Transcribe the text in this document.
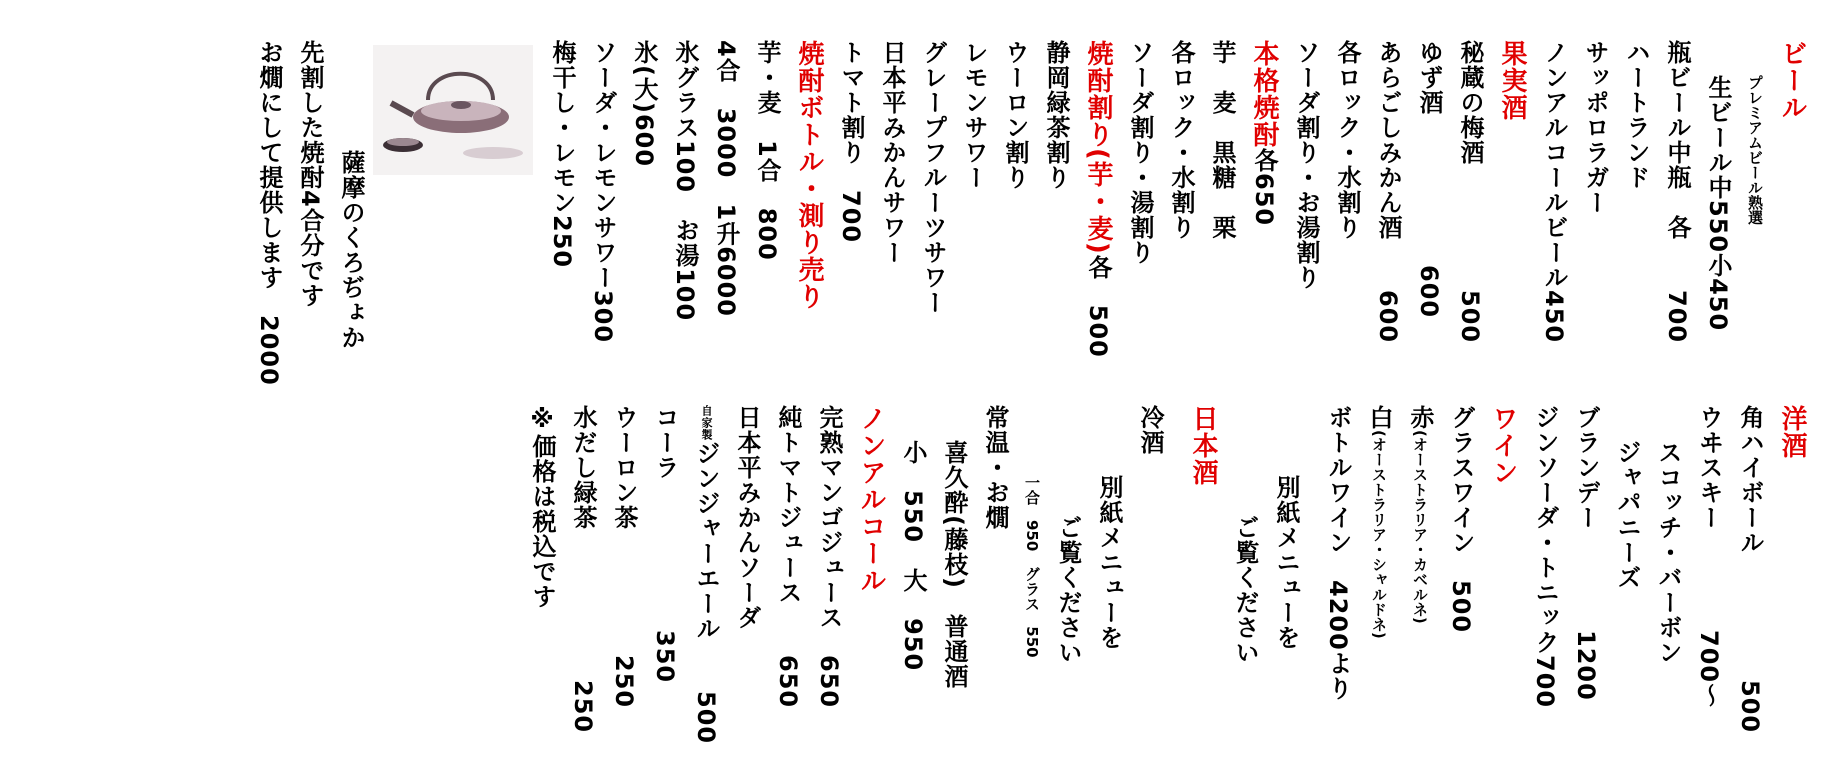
ビール
プレミアムビール熟選
生ビール中550小450
瓶ビール中瓶　各　　700
ハートランド
サッポロラガー
ノンアルコールビール450
果実酒
秘蔵の梅酒　　　　　500
ゆず酒　　　　　　600
あらごしみかん酒　　600
各ロック・水割り
ソーダ割り・お湯割り
本格焼酎各650
芋　麦　黒糖　栗
各ロック・水割り
ソーダ割り・湯割り
焼酎割り(芋・麦)各　500
静岡緑茶割り
ウーロン割り
レモンサワー
グレープフルーツサワー
日本平みかんサワー
トマト割り　700
焼酎ボトル・測り売り
芋・麦　1合　800
4合　3000　1升6000
氷グラス100　お湯100
氷(大)600
ソーダ・レモンサワー300
梅干し・レモン250
薩摩のくろぢょか
先割した焼酎4合分です
お燗にして提供します　2000
洋酒
角ハイボール　　　　　500
ウヰスキー　　　　700〜
スコッチ・バーボン
ジャパニーズ
ブランデー　　　　1200
ジンソーダ・トニック700
ワイン
グラスワイン　500
赤(オーストラリア・カベルネ)
白(オーストラリア・シャルドネ)
ボトルワイン　4200より
別紙メニューを
ご覧ください
日本酒
冷酒
別紙メニューを
ご覧ください
一合　950　グラス　550
常温・お燗
喜久酔(藤枝)　普通酒
小　550　大　950
ノンアルコール
完熟マンゴジュース　650
純トマトジュース　　650
日本平みかんソーダ
自家製ジンジャーエール　　500
コーラ　　　　　　350
ウーロン茶　　　　　250
水だし緑茶　　　　　　250
※価格は税込です
